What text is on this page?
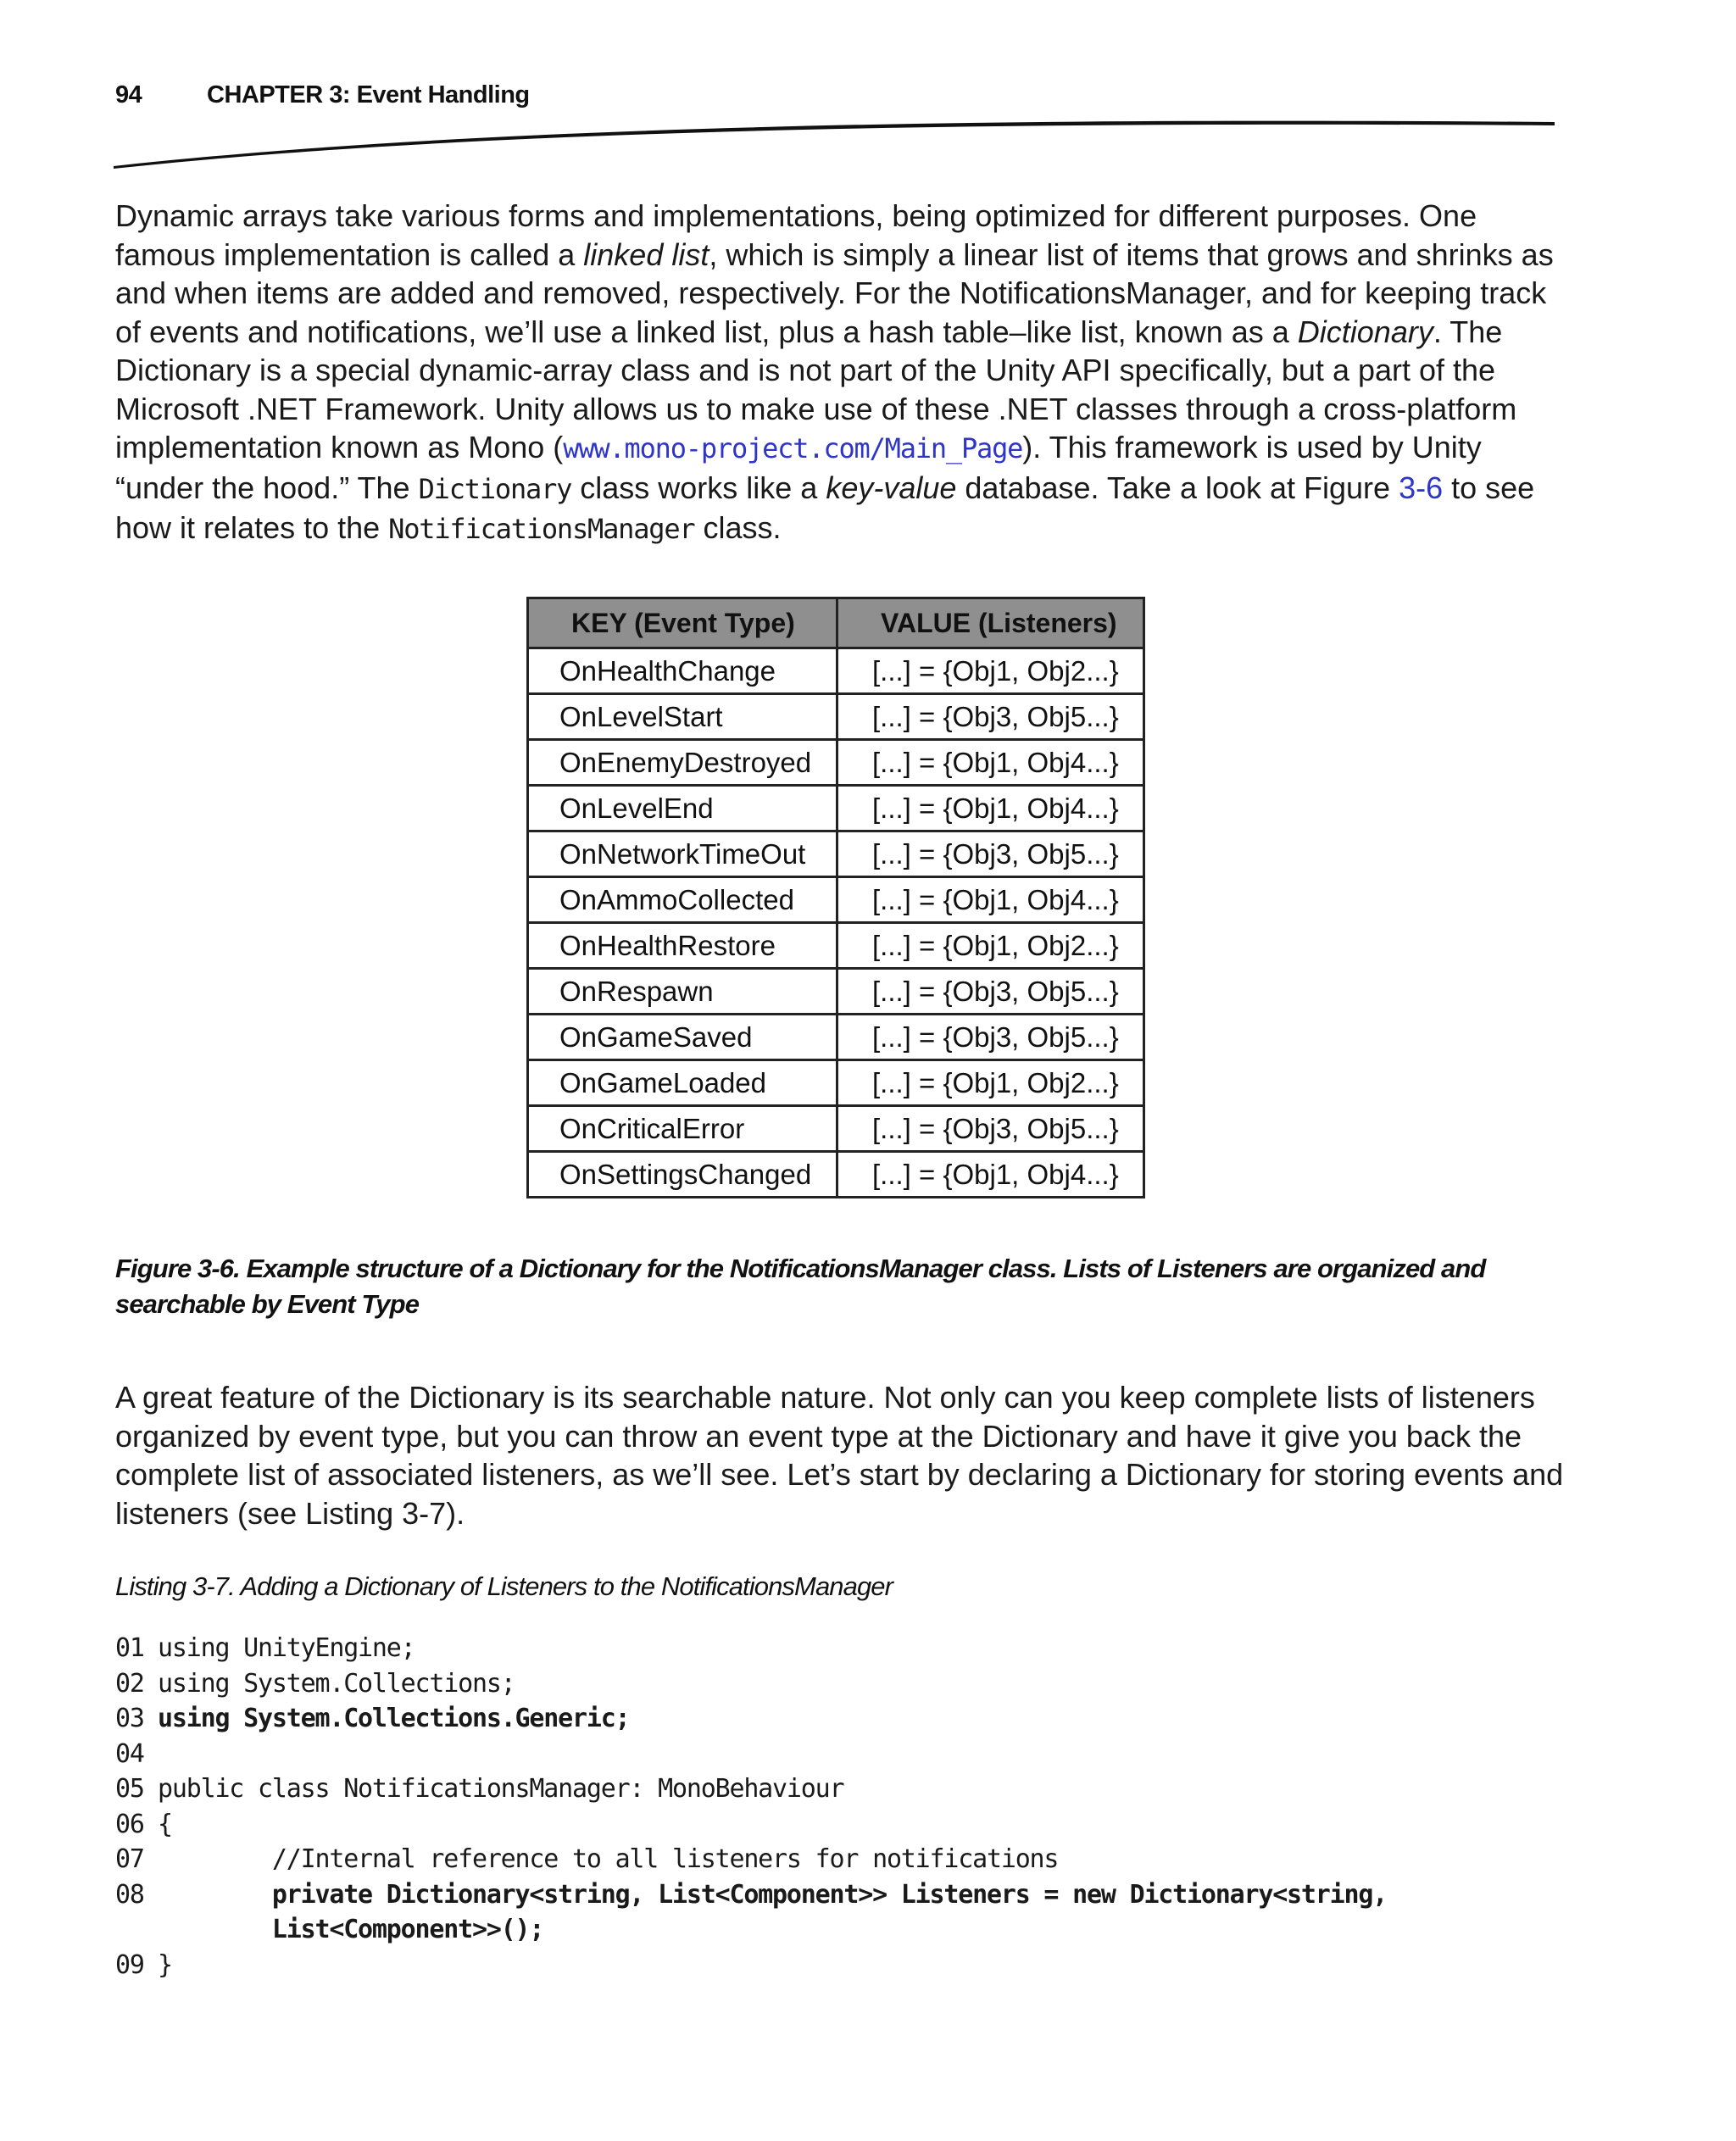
94	CHAPTER 3: Event Handling

Dynamic arrays take various forms and implementations, being optimized for different purposes. One famous implementation is called a linked list, which is simply a linear list of items that grows and shrinks as and when items are added and removed, respectively. For the NotificationsManager, and for keeping track of events and notifications, we’ll use a linked list, plus a hash table–like list, known as a Dictionary. The Dictionary is a special dynamic-array class and is not part of the Unity API specifically, but a part of the Microsoft .NET Framework. Unity allows us to make use of these .NET classes through a cross-platform implementation known as Mono (www.mono-project.com/Main_Page). This framework is used by Unity “under the hood.” The Dictionary class works like a key-value database. Take a look at Figure 3-6 to see how it relates to the NotificationsManager class.

KEY (Event Type)	VALUE (Listeners)
OnHealthChange	[...] = {Obj1, Obj2...}
OnLevelStart	[...] = {Obj3, Obj5...}
OnEnemyDestroyed	[...] = {Obj1, Obj4...}
OnLevelEnd	[...] = {Obj1, Obj4...}
OnNetworkTimeOut	[...] = {Obj3, Obj5...}
OnAmmoCollected	[...] = {Obj1, Obj4...}
OnHealthRestore	[...] = {Obj1, Obj2...}
OnRespawn	[...] = {Obj3, Obj5...}
OnGameSaved	[...] = {Obj3, Obj5...}
OnGameLoaded	[...] = {Obj1, Obj2...}
OnCriticalError	[...] = {Obj3, Obj5...}
OnSettingsChanged	[...] = {Obj1, Obj4...}
Figure 3-6. Example structure of a Dictionary for the NotificationsManager class. Lists of Listeners are organized and searchable by Event Type

A great feature of the Dictionary is its searchable nature. Not only can you keep complete lists of listeners organized by event type, but you can throw an event type at the Dictionary and have it give you back the complete list of associated listeners, as we’ll see. Let’s start by declaring a Dictionary for storing events and listeners (see Listing 3-7).

Listing 3-7. Adding a Dictionary of Listeners to the NotificationsManager
01 using UnityEngine;
02 using System.Collections;
03 using System.Collections.Generic;
04
05 public class NotificationsManager: MonoBehaviour
06 {
07 //Internal reference to all listeners for notifications
08 private Dictionary<string, List<Component>> Listeners = new Dictionary<string,
List<Component>>();
09 }
